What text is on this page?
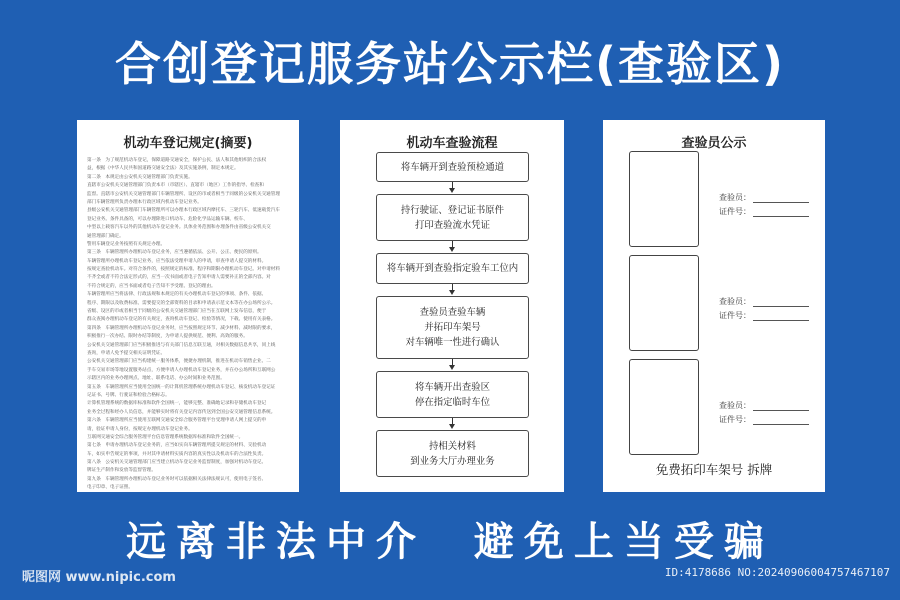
合创登记服务站公示栏(查验区)
机动车登记规定(摘要)
第一条　为了规范机动车登记，保障道路交通安全，保护公民、法人和其他组织的合法权
益，根据《中华人民共和国道路交通安全法》及其实施条例，制定本规定。
第二条　本规定由公安机关交通管理部门负责实施。
直辖市公安机关交通管理部门负责本市（市辖区）、直辖市（地区）工作的指导、检查和
监督。直辖市公安机关交通管理部门车辆管理所、设区的市或者相当于同级的公安机关交通管理
部门车辆管理所负责办理本行政区域内机动车登记业务。
县级公安机关交通管理部门车辆管理所可以办理本行政区域内摩托车、三轮汽车、低速载货汽车
登记业务。条件具备的，可以办理除进口机动车、危险化学品运输车辆、校车、
中型以上载客汽车以外的其他机动车登记业务。具体业务范围和办理条件由省级公安机关交
通管理部门确定。
警用车辆登记业务按照有关规定办理。
第三条　车辆管理所办理机动车登记业务，应当遵循依法、公开、公正、便民的原则。
车辆管理所办理机动车登记业务，应当依法受理申请人的申请，审查申请人提交的材料。
按规定查验机动车。对符合条件的，按照规定的标准、程序和期限办理机动车登记。对申请材料
不齐全或者不符合法定形式的，应当一次书面或者电子告知申请人需要补正的全部内容。对
不符合规定的，应当书面或者电子告知不予受理、登记的理由。
车辆管理所应当将法律、行政法规和本规定的有关办理机动车登记的事项、条件、依据、
程序、期限以及收费标准、需要提交的全部资料的目录和申请表示范文本等在办公场所公示。
省级、设区的市或者相当于同级的公安机关交通管理部门应当在互联网上发布信息，便于
群众查阅办理机动车登记的有关规定，查询机动车登记、检验等情况，下载、使用有关表格。
第四条　车辆管理所办理机动车登记业务时，应当按照规定环节、减少材料、减时限的要求，
积极推行一次办结、限时办结等制度，为申请人提供规范、便利、高效的服务。
公安机关交通管理部门应当积极推进与有关部门信息互联互通，对相关数据信息共享，同上线
查询，申请人免予提交相关证明凭证。
公安机关交通管理部门应当构建统一服务体系，便捷办理机制，推进在机动车销售企业、二
手车交易市场等地设置服务站点，方便申请人办理机动车登记业务，并在办公场所和互联网公
示辖区内的业务办理网点、地址、联系电话、办公时间和业务范围。
第五条　车辆管理所应当使用全国统一的计算机管理系统办理机动车登记、核发机动车登记证
记证书、号牌、行驶证和检验合格标志。
计算机管理系统的数据库标准和软件全国统一，能够完整、准确地记录和存储机动车登记
业务全过程和经办人员信息，并能够实时将有关登记内容传送到全国公安交通管理信息系统。
第六条　车辆管理所应当使用互联网交通安全综合服务管理平台受理申请人网上提交的申
请，验证申请人身份，按规定办理机动车登记业务。
互联网交通安全综合服务管理平台信息管理系统数据库标准和软件全国统一。
第七条　申请办理机动车登记业务的，应当如实向车辆管理所提交规定的材料、交验机动
车，如实申告规定的事项，并对其申请材料实质内容的真实性以及机动车的合法性负责。
第八条　公安机关交通管理部门应当建立机动车登记业务监督制度，加强对机动车登记、
牌证生产制作和发放等监督管理。
第九条　车辆管理所办理机动车登记业务时可以依据相关法律法规认可，使用电子签名、
电子印章、电子证照。
机动车查验流程
将车辆开到查验预检通道
持行驶证、登记证书原件
打印查验流水凭证
将车辆开到查验指定验车工位内
查验员查验车辆
并拓印车架号
对车辆唯一性进行确认
将车辆开出查验区
停在指定临时车位
持相关材料
到业务大厅办理业务
查验员公示
查验员：
证件号：
查验员：
证件号：
查验员：
证件号：
免费拓印车架号 拆牌
远离非法中介  避免上当受骗
昵图网 www.nipic.com	ID:4178686 NO:20240906004757467107
